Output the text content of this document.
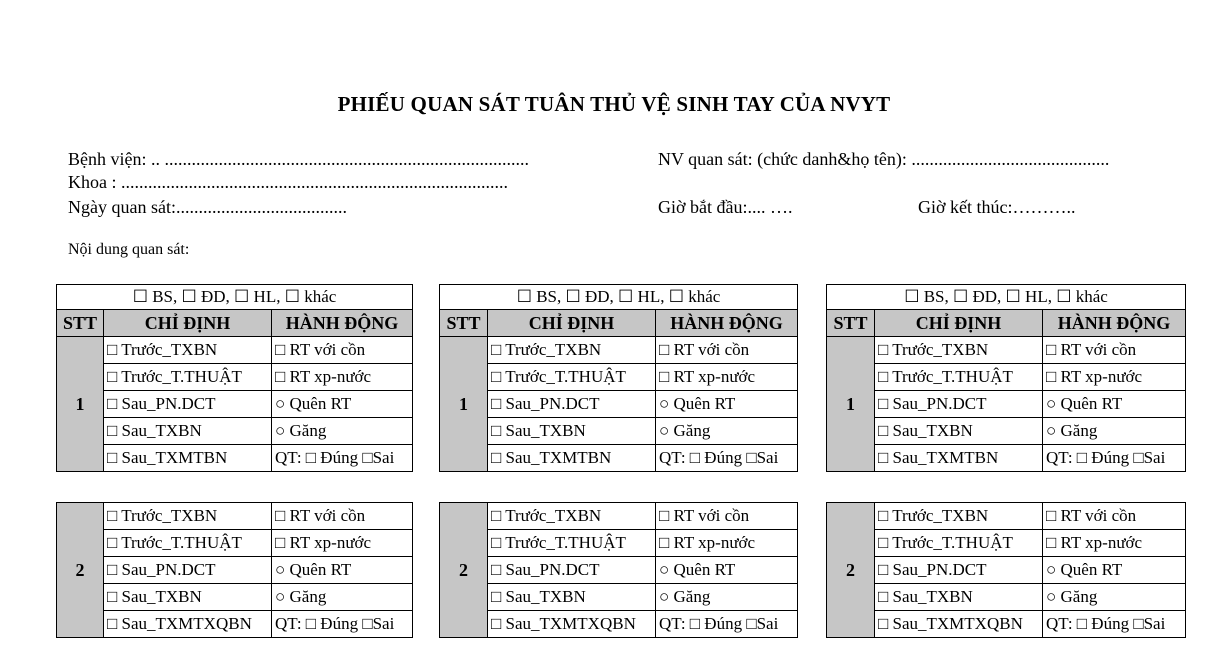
PHIẾU QUAN SÁT TUÂN THỦ VỆ SINH TAY CỦA NVYT
Bệnh viện: .. .................................................................................	NV quan sát: (chức danh&họ tên): ............................................
Khoa : ......................................................................................
Ngày quan sát:......................................	Giờ bắt đầu:.... ….	Giờ kết thúc:………..
Nội dung quan sát:
☐ BS, ☐ ĐD, ☐ HL, ☐ khác		
STT	CHỈ ĐỊNH	HÀNH ĐỘNG
1	□ Trước_TXBN	□ RT với cồn
	□ Trước_T.THUẬT	□ RT xp-nước
	□ Sau_PN.DCT	○ Quên RT
	□ Sau_TXBN	○ Găng
	□ Sau_TXMTBN	QT: □ Đúng □Sai
2	□ Trước_TXBN	□ RT với cồn
	□ Trước_T.THUẬT	□ RT xp-nước
	□ Sau_PN.DCT	○ Quên RT
	□ Sau_TXBN	○ Găng
	□ Sau_TXMTXQBN	QT: □ Đúng □Sai
☐ BS, ☐ ĐD, ☐ HL, ☐ khác		
STT	CHỈ ĐỊNH	HÀNH ĐỘNG
1	□ Trước_TXBN	□ RT với cồn
	□ Trước_T.THUẬT	□ RT xp-nước
	□ Sau_PN.DCT	○ Quên RT
	□ Sau_TXBN	○ Găng
	□ Sau_TXMTBN	QT: □ Đúng □Sai
2	□ Trước_TXBN	□ RT với cồn
	□ Trước_T.THUẬT	□ RT xp-nước
	□ Sau_PN.DCT	○ Quên RT
	□ Sau_TXBN	○ Găng
	□ Sau_TXMTXQBN	QT: □ Đúng □Sai
☐ BS, ☐ ĐD, ☐ HL, ☐ khác		
STT	CHỈ ĐỊNH	HÀNH ĐỘNG
1	□ Trước_TXBN	□ RT với cồn
	□ Trước_T.THUẬT	□ RT xp-nước
	□ Sau_PN.DCT	○ Quên RT
	□ Sau_TXBN	○ Găng
	□ Sau_TXMTBN	QT: □ Đúng □Sai
2	□ Trước_TXBN	□ RT với cồn
	□ Trước_T.THUẬT	□ RT xp-nước
	□ Sau_PN.DCT	○ Quên RT
	□ Sau_TXBN	○ Găng
	□ Sau_TXMTXQBN	QT: □ Đúng □Sai
